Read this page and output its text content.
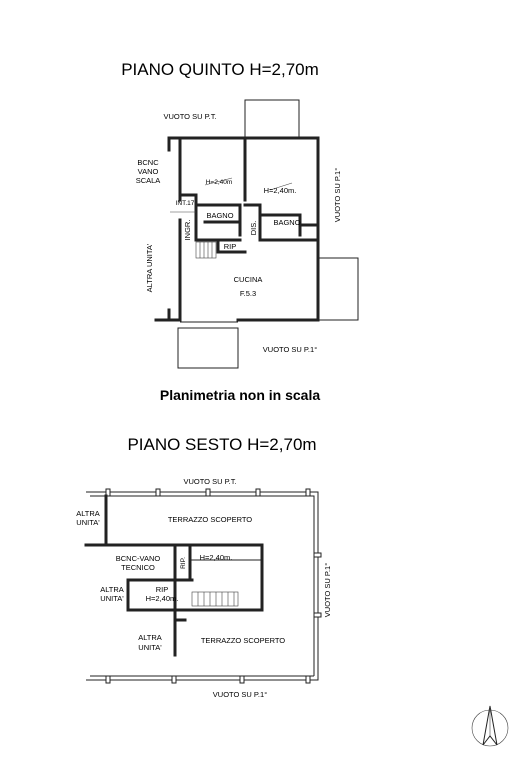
PIANO QUINTO H=2,70m
VUOTO SU P.T.
VUOTO SU P.1°
VUOTO SU P.1°
ALTRA UNITA'
BCNC
VANO
SCALA	H=2,40m
H=2,40m.
INT.17
BAGNO
BAGNO
INGR.	DIS.
RIP
CUCINA
F.5.3
Planimetria non in scala
PIANO SESTO H=2,70m
VUOTO SU P.T.
VUOTO SU P.1°
VUOTO SU P.1°
TERRAZZO SCOPERTO
TERRAZZO SCOPERTO
ALTRA
UNITA'
ALTRA
UNITA'
ALTRA
UNITA'
BCNC-VANO
TECNICO	RIP.
RIP
H=2,40m.
H=2,40m.
